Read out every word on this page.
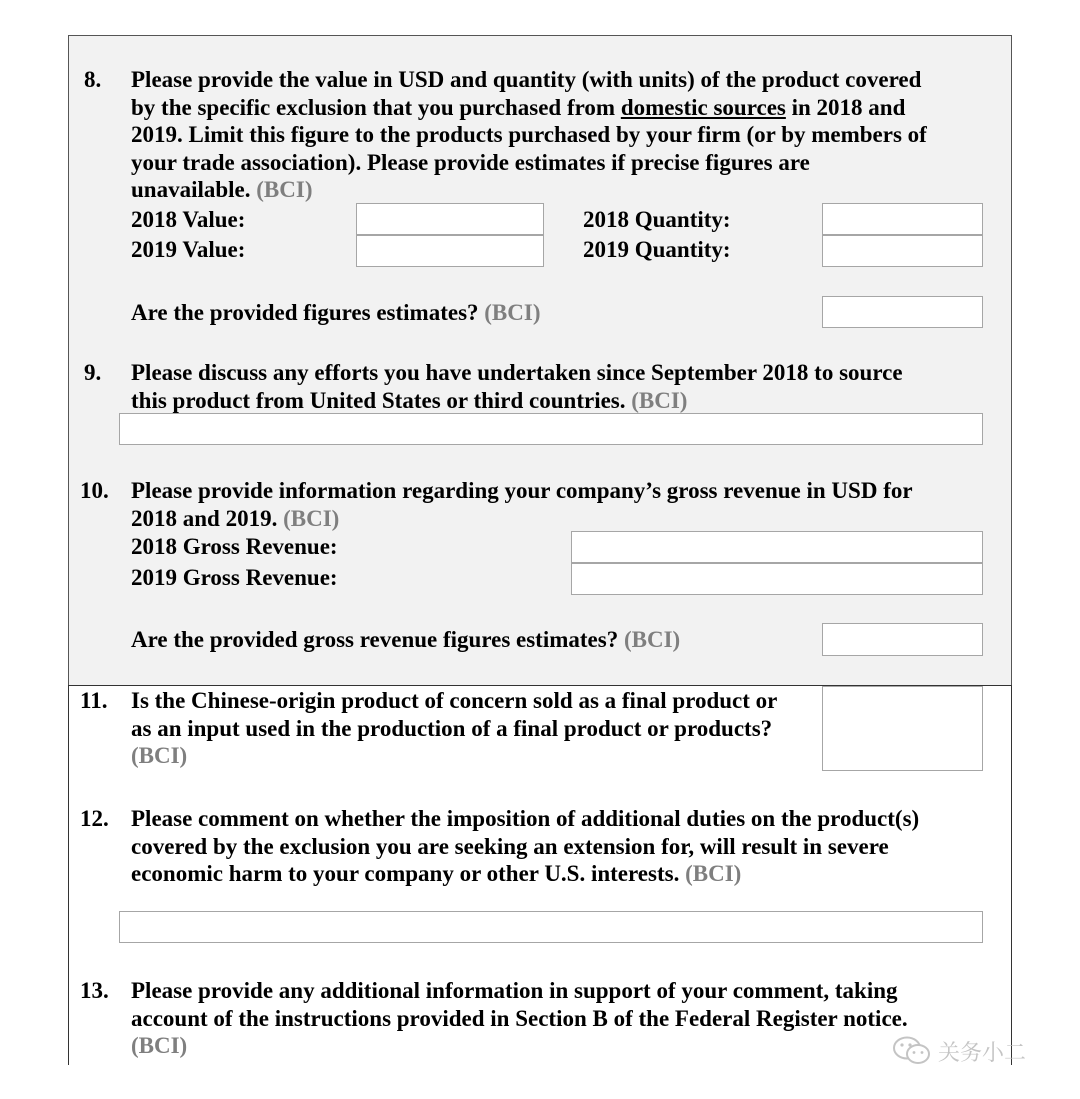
8. Please provide the value in USD and quantity (with units) of the product covered
by the specific exclusion that you purchased from domestic sources in 2018 and
2019. Limit this figure to the products purchased by your firm (or by members of
your trade association). Please provide estimates if precise figures are
unavailable. (BCI)
2018 Value:
2019 Value:
2018 Quantity:
2019 Quantity:
Are the provided figures estimates? (BCI)
9. Please discuss any efforts you have undertaken since September 2018 to source
this product from United States or third countries. (BCI)
10. Please provide information regarding your company’s gross revenue in USD for
2018 and 2019. (BCI)
2018 Gross Revenue:
2019 Gross Revenue:
Are the provided gross revenue figures estimates? (BCI)
11. Is the Chinese-origin product of concern sold as a final product or
as an input used in the production of a final product or products?
(BCI)
12. Please comment on whether the imposition of additional duties on the product(s)
covered by the exclusion you are seeking an extension for, will result in severe
economic harm to your company or other U.S. interests. (BCI)
13. Please provide any additional information in support of your comment, taking
account of the instructions provided in Section B of the Federal Register notice.
(BCI)	关务小二
